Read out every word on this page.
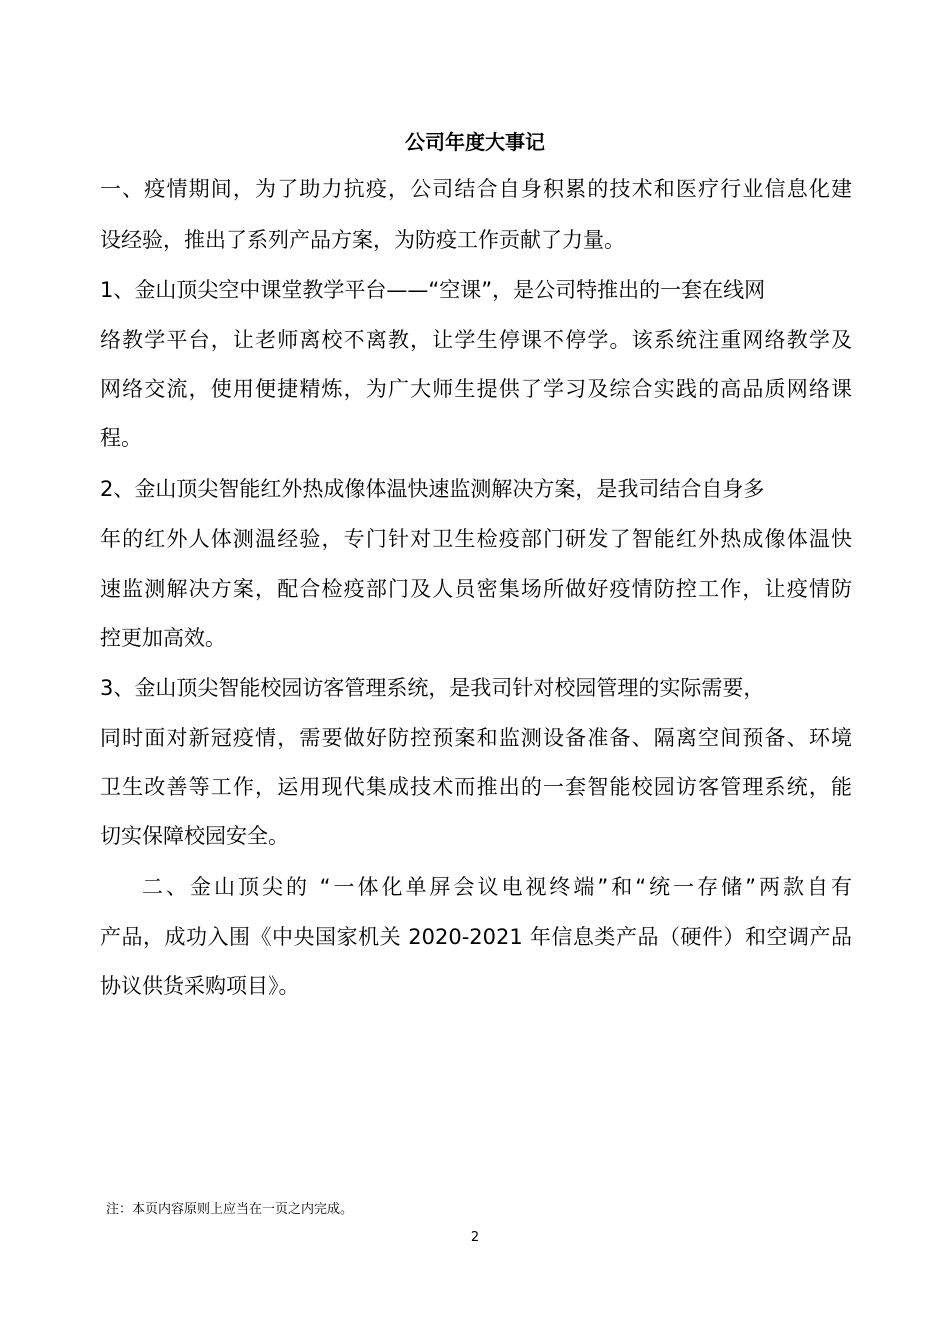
公司年度大事记
一、疫情期间，为了助力抗疫，公司结合自身积累的技术和医疗行业信息化建
设经验，推出了系列产品方案，为防疫工作贡献了力量。
1、金山顶尖空中课堂教学平台——“空课”，是公司特推出的一套在线网
络教学平台，让老师离校不离教，让学生停课不停学。该系统注重网络教学及
网络交流，使用便捷精炼，为广大师生提供了学习及综合实践的高品质网络课
程。
2、金山顶尖智能红外热成像体温快速监测解决方案，是我司结合自身多
年的红外人体测温经验，专门针对卫生检疫部门研发了智能红外热成像体温快
速监测解决方案，配合检疫部门及人员密集场所做好疫情防控工作，让疫情防
控更加高效。
3、金山顶尖智能校园访客管理系统，是我司针对校园管理的实际需要，
同时面对新冠疫情，需要做好防控预案和监测设备准备、隔离空间预备、环境
卫生改善等工作，运用现代集成技术而推出的一套智能校园访客管理系统，能
切实保障校园安全。
二、金山顶尖的 “一体化单屏会议电视终端”和“统一存储”两款自有
产品，成功入围《中央国家机关 2020-2021 年信息类产品（硬件）和空调产品
协议供货采购项目》。
注：本页内容原则上应当在一页之内完成。
2
